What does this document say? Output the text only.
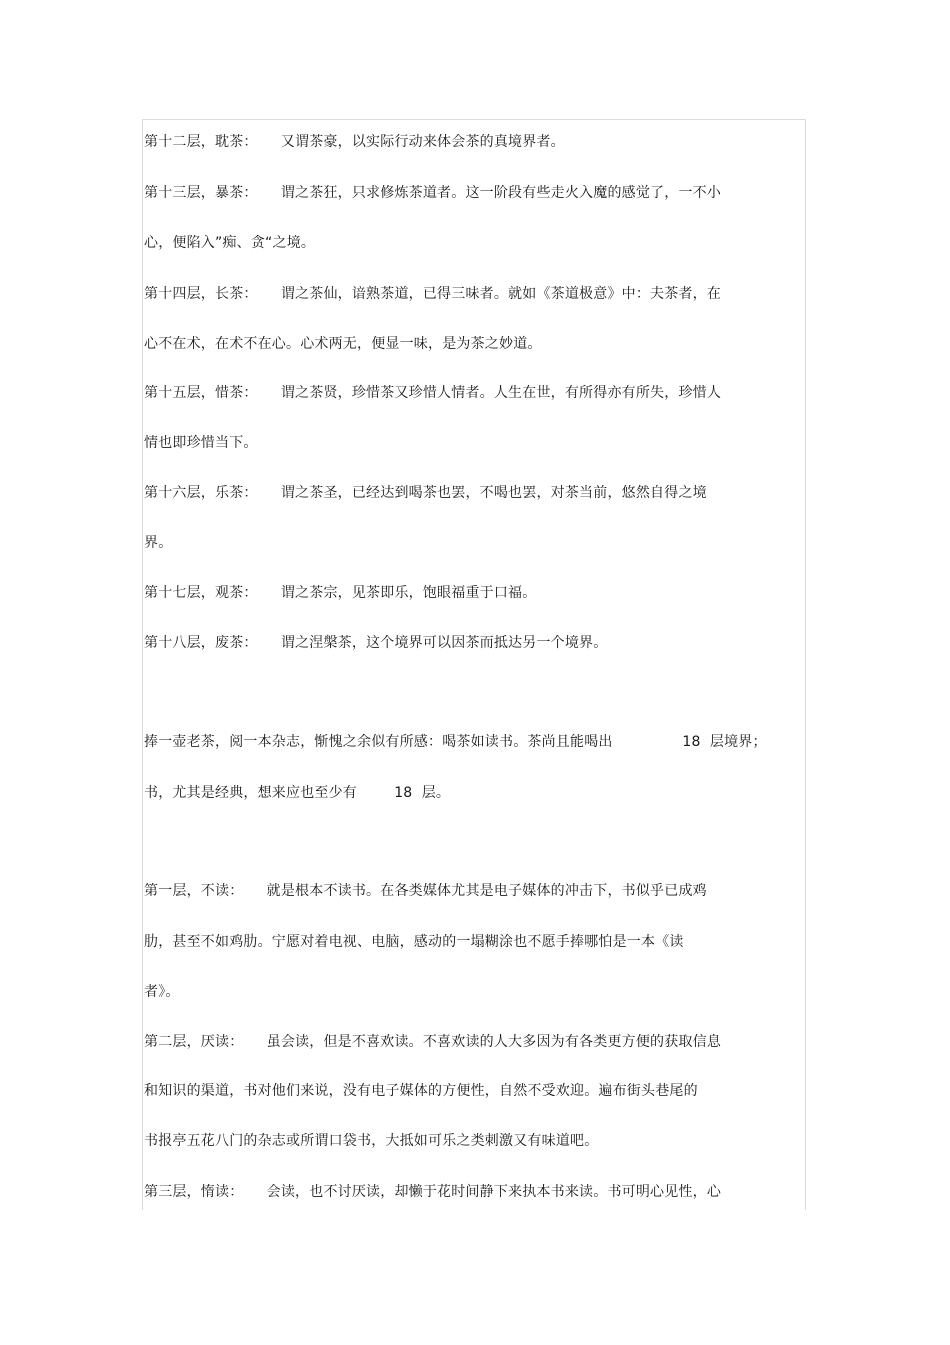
第十二层，耽茶：     又谓茶豪，以实际行动来体会茶的真境界者。
第十三层，暴茶：     谓之茶狂，只求修炼茶道者。这一阶段有些走火入魔的感觉了，一不小
心，便陷入”痴、贪“之境。
第十四层，长茶：     谓之茶仙，谙熟茶道，已得三味者。就如《茶道极意》中：夫茶者，在
心不在术，在术不在心。心术两无，便显一味，是为茶之妙道。
第十五层，惜茶：     谓之茶贤，珍惜茶又珍惜人情者。人生在世，有所得亦有所失，珍惜人
情也即珍惜当下。
第十六层，乐茶：     谓之茶圣，已经达到喝茶也罢，不喝也罢，对茶当前，悠然自得之境
界。
第十七层，观茶：     谓之茶宗，见茶即乐，饱眼福重于口福。
第十八层，废茶：     谓之涅槃茶，这个境界可以因茶而抵达另一个境界。
捧一壶老茶，阅一本杂志，惭愧之余似有所感：喝茶如读书。茶尚且能喝出               18  层境界；
书，尤其是经典，想来应也至少有        18  层。
第一层，不读：     就是根本不读书。在各类媒体尤其是电子媒体的冲击下，书似乎已成鸡
肋，甚至不如鸡肋。宁愿对着电视、电脑，感动的一塌糊涂也不愿手捧哪怕是一本《读
者》。
第二层，厌读：     虽会读，但是不喜欢读。不喜欢读的人大多因为有各类更方便的获取信息
和知识的渠道，书对他们来说，没有电子媒体的方便性，自然不受欢迎。遍布街头巷尾的
书报亭五花八门的杂志或所谓口袋书，大抵如可乐之类刺激又有味道吧。
第三层，惰读：     会读，也不讨厌读，却懒于花时间静下来执本书来读。书可明心见性，心
